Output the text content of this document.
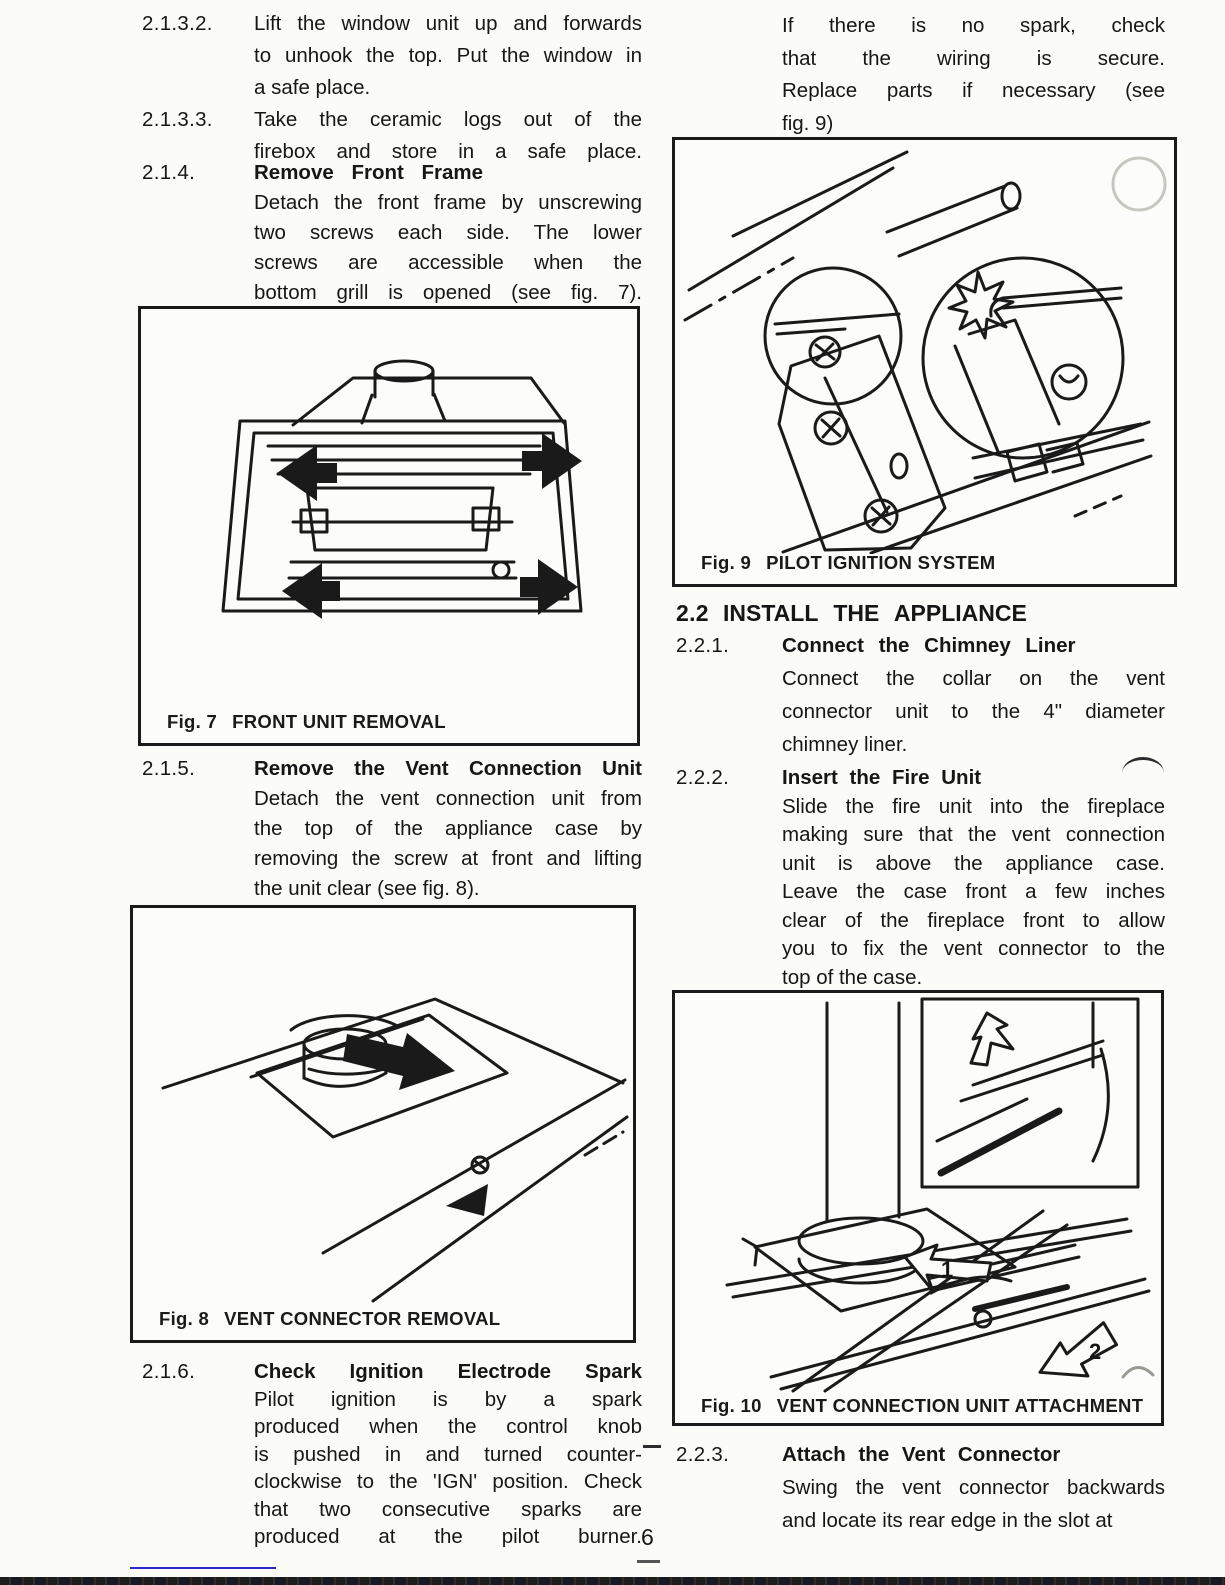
2.1.3.2.	Lift the window unit up and forwards
to unhook the top. Put the window in
a safe place.
2.1.3.3.	Take the ceramic logs out of the
firebox and store in a safe place.
2.1.4.	Remove Front Frame
Detach the front frame by unscrewing
two screws each side. The lower
screws are accessible when the
bottom grill is opened (see fig. 7).
Fig. 7 FRONT UNIT REMOVAL
2.1.5.	Remove the Vent Connection Unit
Detach the vent connection unit from
the top of the appliance case by
removing the screw at front and lifting
the unit clear (see fig. 8).
Fig. 8 VENT CONNECTOR REMOVAL
2.1.6.	Check Ignition Electrode Spark
Pilot ignition is by a spark
produced when the control knob
is pushed in and turned counter-
clockwise to the 'IGN' position. Check
that two consecutive sparks are
produced at the pilot burner.
If there is no spark, check
that the wiring is secure.
Replace parts if necessary (see
fig. 9)
Fig. 9 PILOT IGNITION SYSTEM
2.2 INSTALL THE APPLIANCE
2.2.1.	Connect the Chimney Liner
Connect the collar on the vent
connector unit to the 4" diameter
chimney liner.
2.2.2.	Insert the Fire Unit
Slide the fire unit into the fireplace
making sure that the vent connection
unit is above the appliance case.
Leave the case front a few inches
clear of the fireplace front to allow
you to fix the vent connector to the
top of the case.
1
2
Fig. 10 VENT CONNECTION UNIT ATTACHMENT
2.2.3.	Attach the Vent Connector
Swing the vent connector backwards
and locate its rear edge in the slot at
6
